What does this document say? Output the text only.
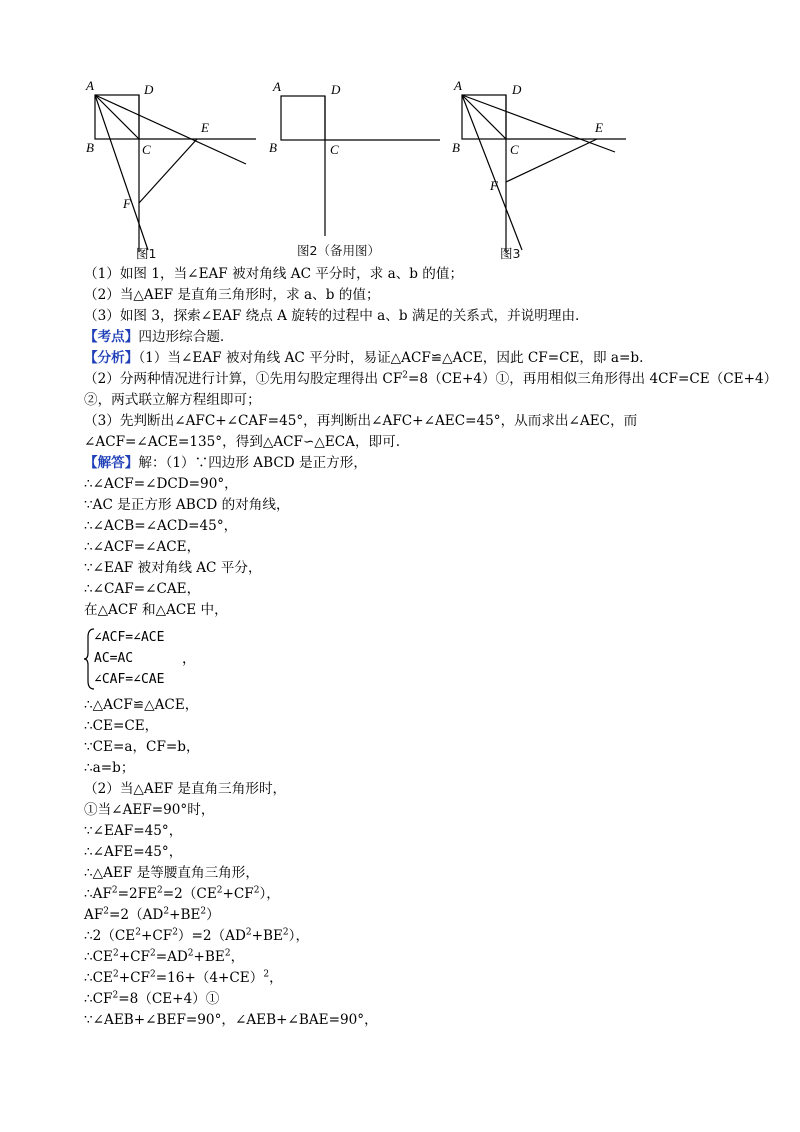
A	D
B	C
E
F
图1
A	D
B	C
图2（备用图）
A	D
B	C
E
F
图3
（1）如图 1，当∠EAF 被对角线 AC 平分时，求 a、b 的值；
（2）当△AEF 是直角三角形时，求 a、b 的值；
（3）如图 3，探索∠EAF 绕点 A 旋转的过程中 a、b 满足的关系式，并说明理由.
【考点】四边形综合题.
【分析】（1）当∠EAF 被对角线 AC 平分时，易证△ACF≌△ACE，因此 CF=CE，即 a=b.
（2）分两种情况进行计算，①先用勾股定理得出 $CF^2=8(CE+4)①$，再用相似三角形得出 4CF=CE（CE+4）
②，两式联立解方程组即可；
（3）先判断出∠AFC+∠CAF=45°，再判断出∠AFC+∠AEC=45°，从而求出∠AEC，而
∠ACF=∠ACE=135°，得到△ACF∽△ECA，即可.
【解答】解：（1）∵四边形 ABCD 是正方形，
∴∠ACF=∠DCD=90°，
∵AC 是正方形 ABCD 的对角线，
∴∠ACB=∠ACD=45°，
∴∠ACF=∠ACE，
∵∠EAF 被对角线 AC 平分，
∴∠CAF=∠CAE，
在△ACF 和△ACE 中，
∠ACF=∠ACE
AC=AC
∠CAF=∠CAE
，
∴△ACF≌△ACE，
∴CE=CE，
∵CE=a，CF=b，
∴a=b；
（2）当△AEF 是直角三角形时，
①当∠AEF=90°时，
∵∠EAF=45°，
∴∠AFE=45°，
∴△AEF 是等腰直角三角形，
$\therefore AF^2=2FE^2=2(CE^2+CF^2)$，
$AF^2=2(AD^2+BE^2)$
$\therefore 2(CE^2+CF^2)=2(AD^2+BE^2)$，
$\therefore CE^2+CF^2=AD^2+BE^2$，
$\therefore CE^2+CF^2=16+(4+CE)^2$，
$\therefore CF^2=8(CE+4)①$
∵∠AEB+∠BEF=90°，∠AEB+∠BAE=90°，
